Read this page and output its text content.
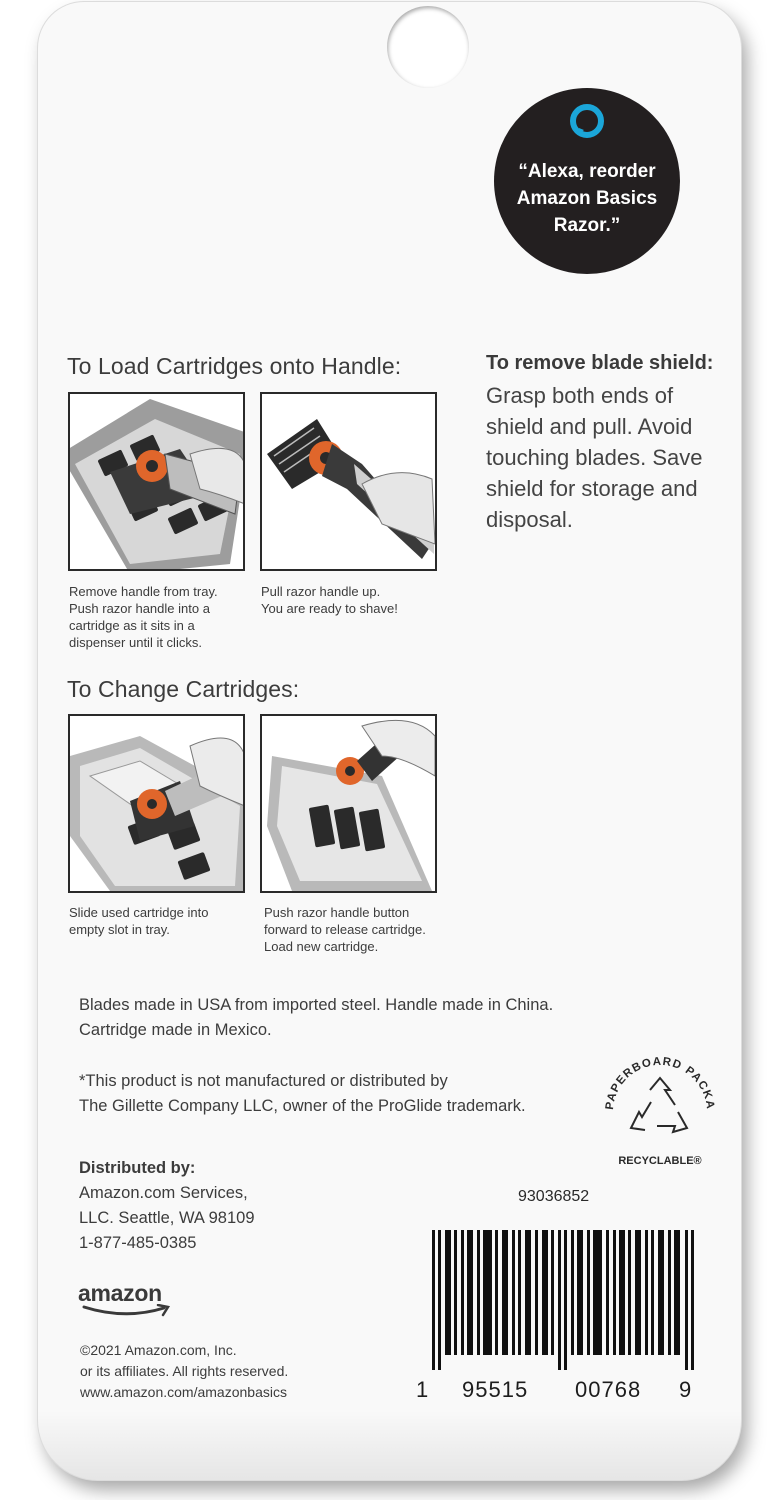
“Alexa, reorder
Amazon Basics
Razor.”
To Load Cartridges onto Handle:
Remove handle from tray.
Push razor handle into a
cartridge as it sits in a
dispenser until it clicks.
Pull razor handle up.
You are ready to shave!
To Change Cartridges:
Slide used cartridge into
empty slot in tray.
Push razor handle button
forward to release cartridge.
Load new cartridge.
To remove blade shield:
Grasp both ends of
shield and pull. Avoid
touching blades. Save
shield for storage and
disposal.
Blades made in USA from imported steel. Handle made in China.
Cartridge made in Mexico.
*This product is not manufactured or distributed by
The Gillette Company LLC, owner of the ProGlide trademark.
Distributed by:
Amazon.com Services,
LLC. Seattle, WA 98109
1-877-485-0385
PAPERBOARD PACKA
RECYCLABLE®
93036852
1 95515 00768 9
amazon
©2021 Amazon.com, Inc.
or its affiliates. All rights reserved.
www.amazon.com/amazonbasics
